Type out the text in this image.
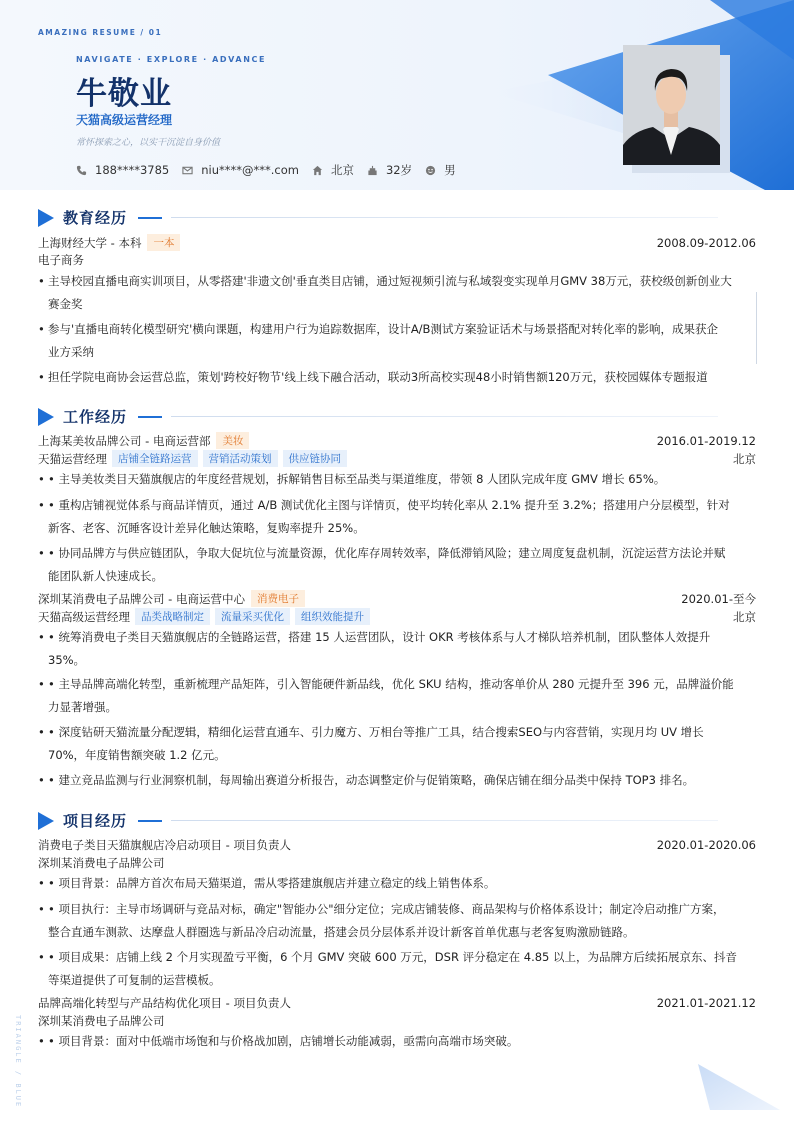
TRIANGLE / BLUE
AMAZING RESUME / 01
NAVIGATE · EXPLORE · ADVANCE
牛敬业
天猫高级运营经理
常怀探索之心，以实干沉淀自身价值
188****3785	niu****@***.com	北京	32岁	男
教育经历
上海财经大学 - 本科	一本	2008.09-2012.06
电子商务
• 主导校园直播电商实训项目，从零搭建'非遗文创'垂直类目店铺，通过短视频引流与私域裂变实现单月GMV 38万元，获校级创新创业大
赛金奖
• 参与'直播电商转化模型研究'横向课题，构建用户行为追踪数据库，设计A/B测试方案验证话术与场景搭配对转化率的影响，成果获企
业方采纳
• 担任学院电商协会运营总监，策划'跨校好物节'线上线下融合活动，联动3所高校实现48小时销售额120万元，获校园媒体专题报道
工作经历
上海某美妆品牌公司 - 电商运营部	美妆	2016.01-2019.12
天猫运营经理	店铺全链路运营	营销活动策划	供应链协同	北京
• • 主导美妆类目天猫旗舰店的年度经营规划，拆解销售目标至品类与渠道维度，带领 8 人团队完成年度 GMV 增长 65%。
• • 重构店铺视觉体系与商品详情页，通过 A/B 测试优化主图与详情页，使平均转化率从 2.1% 提升至 3.2%；搭建用户分层模型，针对
新客、老客、沉睡客设计差异化触达策略，复购率提升 25%。
• • 协同品牌方与供应链团队，争取大促坑位与流量资源，优化库存周转效率，降低滞销风险；建立周度复盘机制，沉淀运营方法论并赋
能团队新人快速成长。
深圳某消费电子品牌公司 - 电商运营中心	消费电子	2020.01-至今
天猫高级运营经理	品类战略制定	流量采买优化	组织效能提升	北京
• • 统筹消费电子类目天猫旗舰店的全链路运营，搭建 15 人运营团队，设计 OKR 考核体系与人才梯队培养机制，团队整体人效提升
35%。
• • 主导品牌高端化转型，重新梳理产品矩阵，引入智能硬件新品线，优化 SKU 结构，推动客单价从 280 元提升至 396 元，品牌溢价能
力显著增强。
• • 深度钻研天猫流量分配逻辑，精细化运营直通车、引力魔方、万相台等推广工具，结合搜索SEO与内容营销，实现月均 UV 增长
70%，年度销售额突破 1.2 亿元。
• • 建立竞品监测与行业洞察机制，每周输出赛道分析报告，动态调整定价与促销策略，确保店铺在细分品类中保持 TOP3 排名。
项目经历
消费电子类目天猫旗舰店冷启动项目 - 项目负责人	2020.01-2020.06
深圳某消费电子品牌公司
• • 项目背景：品牌方首次布局天猫渠道，需从零搭建旗舰店并建立稳定的线上销售体系。
• • 项目执行：主导市场调研与竞品对标，确定"智能办公"细分定位；完成店铺装修、商品架构与价格体系设计；制定冷启动推广方案，
整合直通车测款、达摩盘人群圈选与新品冷启动流量，搭建会员分层体系并设计新客首单优惠与老客复购激励链路。
• • 项目成果：店铺上线 2 个月实现盈亏平衡，6 个月 GMV 突破 600 万元，DSR 评分稳定在 4.85 以上，为品牌方后续拓展京东、抖音
等渠道提供了可复制的运营模板。
品牌高端化转型与产品结构优化项目 - 项目负责人	2021.01-2021.12
深圳某消费电子品牌公司
• • 项目背景：面对中低端市场饱和与价格战加剧，店铺增长动能减弱，亟需向高端市场突破。
